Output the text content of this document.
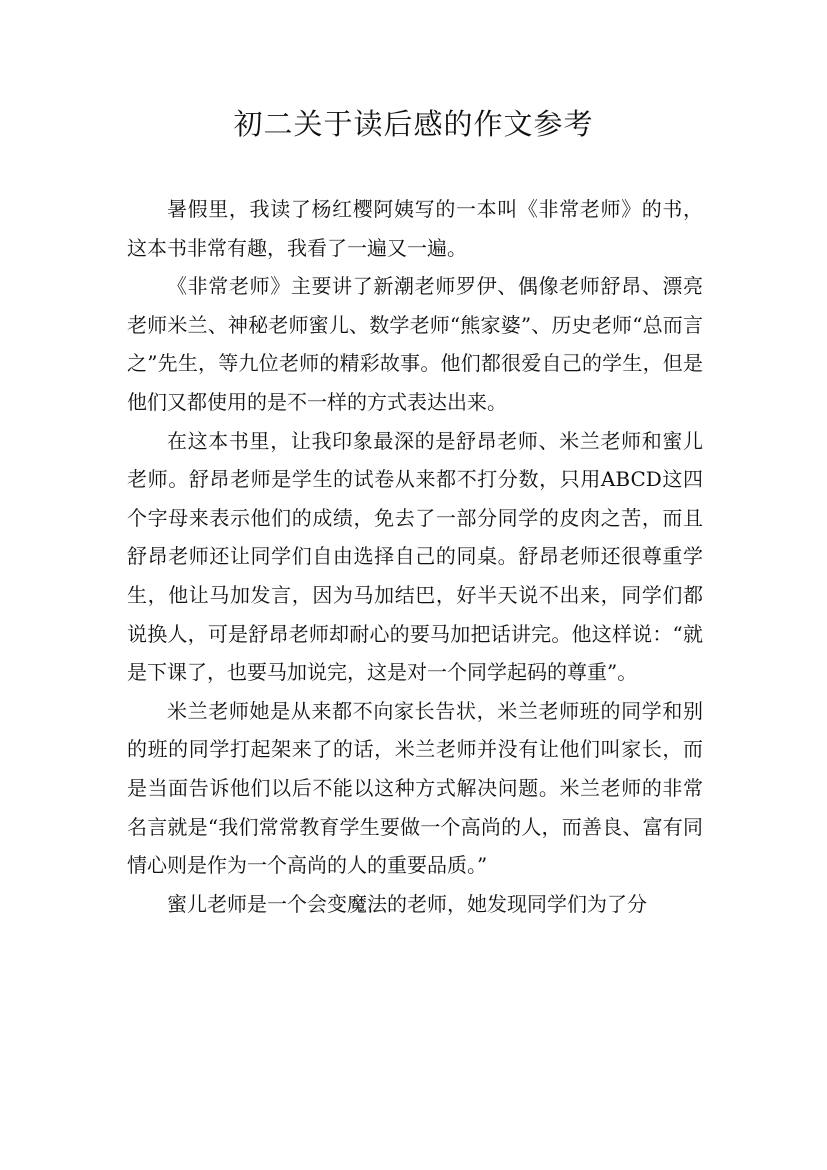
初二关于读后感的作文参考

暑假里，我读了杨红樱阿姨写的一本叫《非常老师》的书，这本书非常有趣，我看了一遍又一遍。

《非常老师》主要讲了新潮老师罗伊、偶像老师舒昂、漂亮老师米兰、神秘老师蜜儿、数学老师“熊家婆”、历史老师“总而言之”先生，等九位老师的精彩故事。他们都很爱自己的学生，但是他们又都使用的是不一样的方式表达出来。

在这本书里，让我印象最深的是舒昂老师、米兰老师和蜜儿老师。舒昂老师是学生的试卷从来都不打分数，只用ABCD这四个字母来表示他们的成绩，免去了一部分同学的皮肉之苦，而且舒昂老师还让同学们自由选择自己的同桌。舒昂老师还很尊重学生，他让马加发言，因为马加结巴，好半天说不出来，同学们都说换人，可是舒昂老师却耐心的要马加把话讲完。他这样说：“就是下课了，也要马加说完，这是对一个同学起码的尊重”。

米兰老师她是从来都不向家长告状，米兰老师班的同学和别的班的同学打起架来了的话，米兰老师并没有让他们叫家长，而是当面告诉他们以后不能以这种方式解决问题。米兰老师的非常名言就是“我们常常教育学生要做一个高尚的人，而善良、富有同情心则是作为一个高尚的人的重要品质。”

蜜儿老师是一个会变魔法的老师，她发现同学们为了分
